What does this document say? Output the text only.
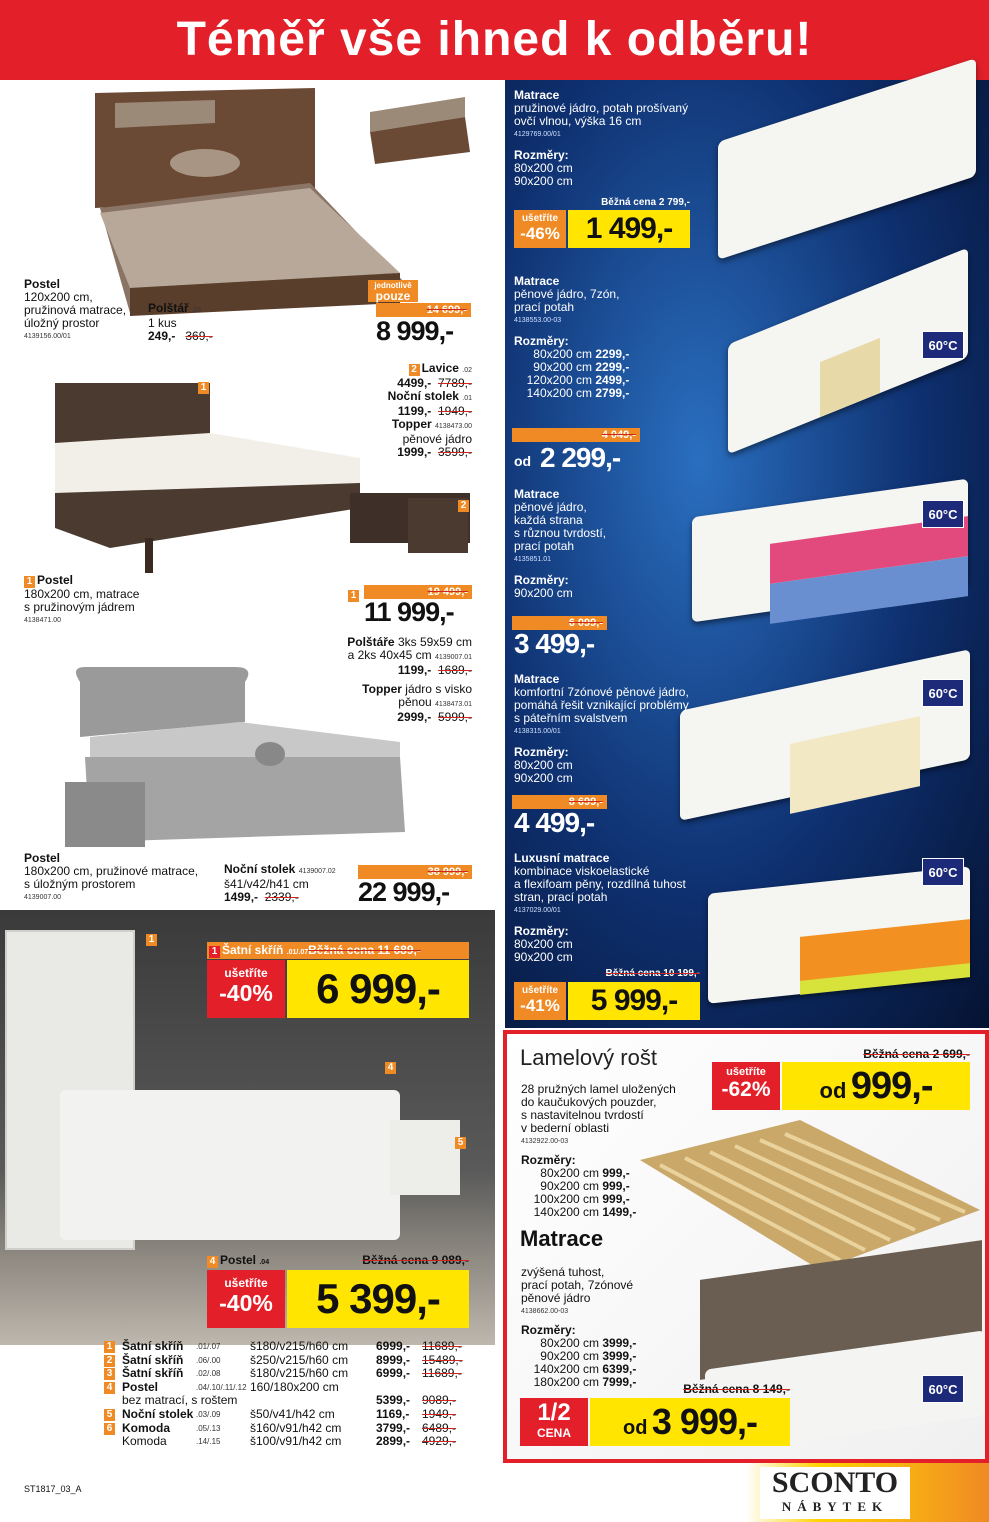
Téměř vše ihned k odběru!
Postel
120x200 cm,
pružinová matrace,
úložný prostor
4139156.00/01
Polštář .01
1 kus
249,- 369,-
jednotlivě
pouze
14 699,-
8 999,-
2 Lavice .02
4499,- 7789,-
Noční stolek .01
1199,- 1949,-
Topper 4138473.00
pěnové jádro
1999,- 3599,-
1
2
1 Postel
180x200 cm, matrace
s pružinovým jádrem
4138471.00
1	19 499,-
11 999,-
Polštáře 3ks 59x59 cm
a 2ks 40x45 cm 4139007.01
1199,- 1689,-
Topper jádro s visko
pěnou 4138473.01
2999,- 5999,-
Postel
180x200 cm, pružinové matrace,
s úložným prostorem
4139007.00
Noční stolek 4139007.02
š41/v42/h41 cm
1499,- 2339,-
38 999,-
22 999,-
1
4
5
1 Šatní skříň .01/.07Běžná cena 11 689,-
ušetříte
-40%	6 999,-
4 Postel .04	Běžná cena 9 089,-
ušetříte
-40%	5 399,-
1 Šatní skříň .01/.07 š180/v215/h60 cm 6999,- 11689,-
2 Šatní skříň .06/.00 š250/v215/h60 cm 8999,- 15489,-
3 Šatní skříň .02/.08 š180/v215/h60 cm 6999,- 11689,-
4 Postel	.04/.10/.11/.12 160/180x200 cm
bez matrací, s roštem	5399,- 9089,-
5 Noční stolek .03/.09 š50/v41/h42 cm	1169,- 1949,-
6 Komoda	.05/.13 š160/v91/h42 cm	3799,- 6489,-
Komoda	.14/.15 š100/v91/h42 cm	2899,- 4929,-
ST1817_03_A
60°C
60°C
60°C
60°C
Matrace
pružinové jádro, potah prošívaný
ovčí vlnou, výška 16 cm
4129769.00/01
Rozměry:
80x200 cm
90x200 cm
Běžná cena 2 799,-
ušetříte
-46% 1 499,-
Matrace
pěnové jádro, 7zón,
prací potah
4138553.00-03
Rozměry:
80x200 cm 2299,-
90x200 cm 2299,-
120x200 cm 2499,-
140x200 cm 2799,-
4 049,-
od 2 299,-
Matrace
pěnové jádro,
každá strana
s různou tvrdostí,
prací potah
4135851.01
Rozměry:
90x200 cm
6 099,-
3 499,-
Matrace
komfortní 7zónové pěnové jádro,
pomáhá řešit vznikající problémy
s páteřním svalstvem
4138315.00/01
Rozměry:
80x200 cm
90x200 cm
8 699,-
4 499,-
Luxusní matrace
kombinace viskoelastické
a flexifoam pěny, rozdílná tuhost
stran, prací potah
4137029.00/01
Rozměry:
80x200 cm
90x200 cm
Běžná cena 10 199,-
ušetříte
-41%	5 999,-
Lamelový rošt	Běžná cena 2 699,-
ušetříte
-62%	od 999,-
28 pružných lamel uložených
do kaučukových pouzder,
s nastavitelnou tvrdostí
v bederní oblasti
4132922.00-03
Rozměry:
80x200 cm 999,-
90x200 cm 999,-
100x200 cm 999,-
140x200 cm 1499,-
Matrace
zvýšená tuhost,
prací potah, 7zónové
pěnové jádro
4138662.00-03
Rozměry:
80x200 cm 3999,-
90x200 cm 3999,-
140x200 cm 6399,-
180x200 cm 7999,-	60°C
Běžná cena 8 149,-
1/2
CENA	od 3 999,-
SCONTO
NÁBYTEK
